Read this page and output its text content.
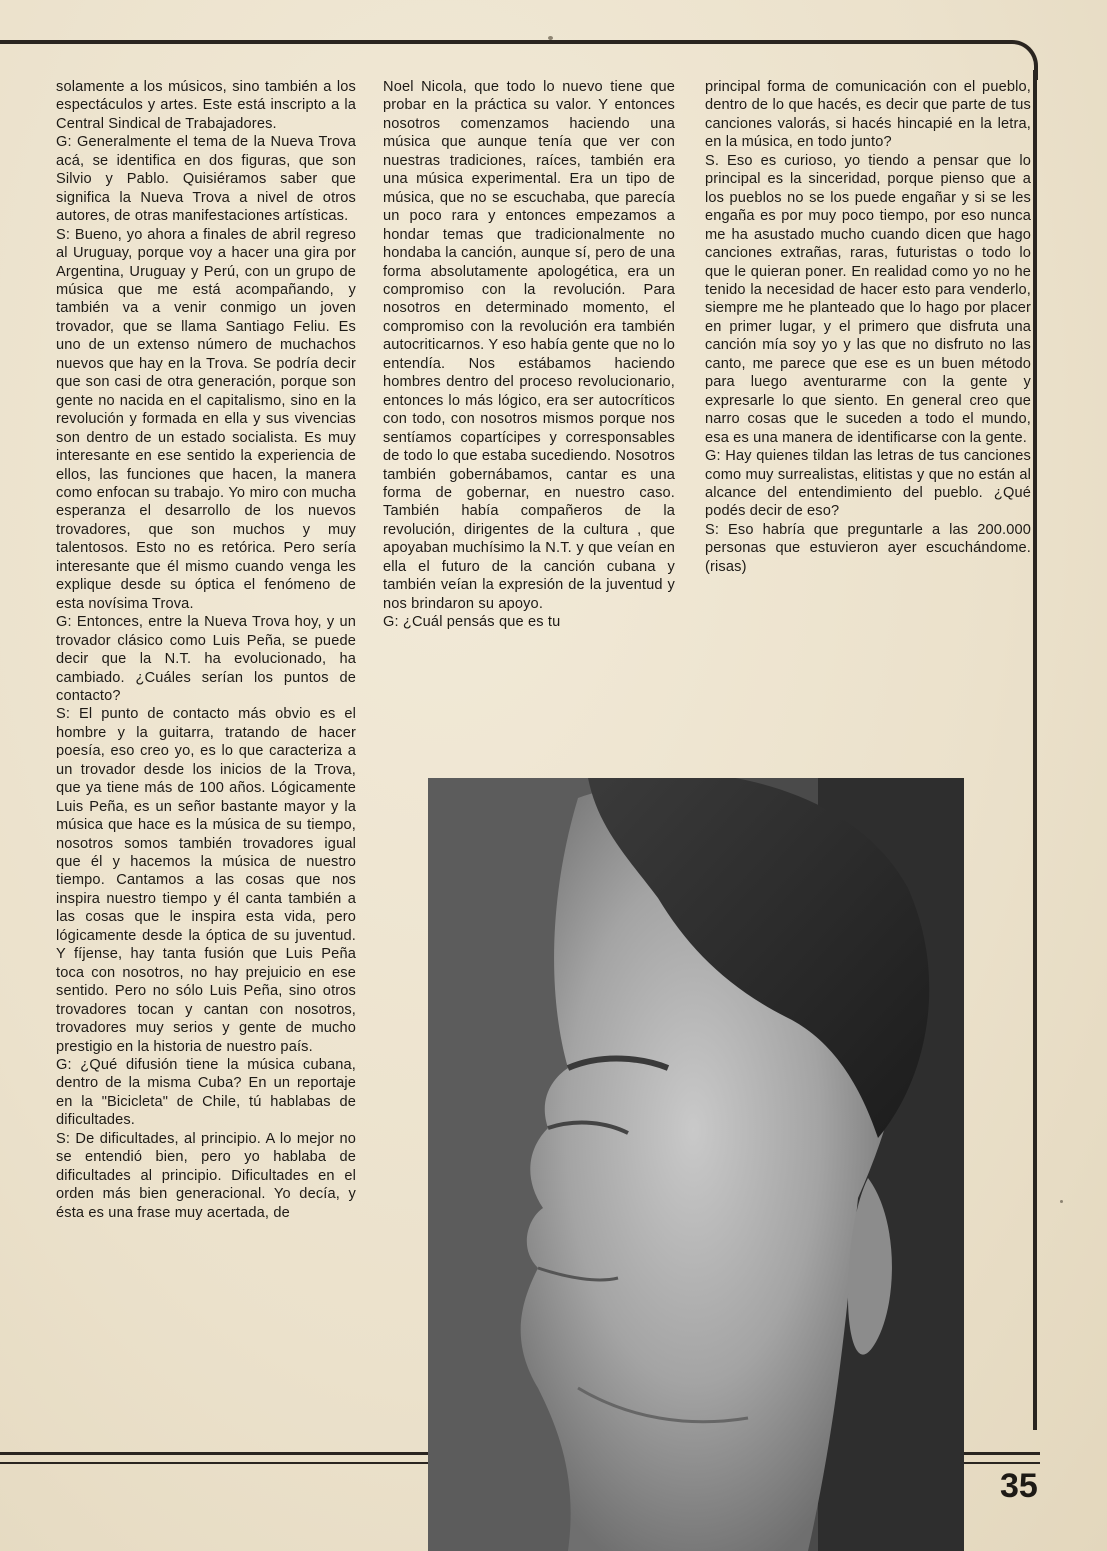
solamente a los músicos, sino también a los espectáculos y artes. Este está inscripto a la Central Sindical de Trabajadores.
G: Generalmente el tema de la Nueva Trova acá, se identifica en dos figuras, que son Silvio y Pablo. Quisiéramos saber que significa la Nueva Trova a nivel de otros autores, de otras manifestaciones artísticas.
S: Bueno, yo ahora a finales de abril regreso al Uruguay, porque voy a hacer una gira por Argentina, Uruguay y Perú, con un grupo de música que me está acompañando, y también va a venir conmigo un joven trovador, que se llama Santiago Feliu. Es uno de un extenso número de muchachos nuevos que hay en la Trova. Se podría decir que son casi de otra generación, porque son gente no nacida en el capitalismo, sino en la revolución y formada en ella y sus vivencias son dentro de un estado socialista. Es muy interesante en ese sentido la experiencia de ellos, las funciones que hacen, la manera como enfocan su trabajo. Yo miro con mucha esperanza el desarrollo de los nuevos trovadores, que son muchos y muy talentosos. Esto no es retórica. Pero sería interesante que él mismo cuando venga les explique desde su óptica el fenómeno de esta novísima Trova.
G: Entonces, entre la Nueva Trova hoy, y un trovador clásico como Luis Peña, se puede decir que la N.T. ha evolucionado, ha cambiado. ¿Cuáles serían los puntos de contacto?
S: El punto de contacto más obvio es el hombre y la guitarra, tratando de hacer poesía, eso creo yo, es lo que caracteriza a un trovador desde los inicios de la Trova, que ya tiene más de 100 años. Lógicamente Luis Peña, es un señor bastante mayor y la música que hace es la música de su tiempo, nosotros somos también trovadores igual que él y hacemos la música de nuestro tiempo. Cantamos a las cosas que nos inspira nuestro tiempo y él canta también a las cosas que le inspira esta vida, pero lógicamente desde la óptica de su juventud. Y fíjense, hay tanta fusión que Luis Peña toca con nosotros, no hay prejuicio en ese sentido. Pero no sólo Luis Peña, sino otros trovadores tocan y cantan con nosotros, trovadores muy serios y gente de mucho prestigio en la historia de nuestro país.
G: ¿Qué difusión tiene la música cubana, dentro de la misma Cuba? En un reportaje en la "Bicicleta" de Chile, tú hablabas de dificultades.
S: De dificultades, al principio. A lo mejor no se entendió bien, pero yo hablaba de dificultades al principio. Dificultades en el orden más bien generacional. Yo decía, y ésta es una frase muy acertada, de

Noel Nicola, que todo lo nuevo tiene que probar en la práctica su valor. Y entonces nosotros comenzamos haciendo una música que aunque tenía que ver con nuestras tradiciones, raíces, también era una música experimental. Era un tipo de música, que no se escuchaba, que parecía un poco rara y entonces empezamos a hondar temas que tradicionalmente no hondaba la canción, aunque sí, pero de una forma absolutamente apologética, era un compromiso con la revolución. Para nosotros en determinado momento, el compromiso con la revolución era también autocriticarnos. Y eso había gente que no lo entendía. Nos estábamos haciendo hombres dentro del proceso revolucionario, entonces lo más lógico, era ser autocríticos con todo, con nosotros mismos porque nos sentíamos copartícipes y corresponsables de todo lo que estaba sucediendo. Nosotros también gobernábamos, cantar es una forma de gobernar, en nuestro caso. También había compañeros de la revolución, dirigentes de la cultura , que apoyaban muchísimo la N.T. y que veían en ella el futuro de la canción cubana y también veían la expresión de la juventud y nos brindaron su apoyo.
G: ¿Cuál pensás que es tu

principal forma de comunicación con el pueblo, dentro de lo que hacés, es decir que parte de tus canciones valorás, si hacés hincapié en la letra, en la música, en todo junto?
S. Eso es curioso, yo tiendo a pensar que lo principal es la sinceridad, porque pienso que a los pueblos no se los puede engañar y si se les engaña es por muy poco tiempo, por eso nunca me ha asustado mucho cuando dicen que hago canciones extrañas, raras, futuristas o todo lo que le quieran poner. En realidad como yo no he tenido la necesidad de hacer esto para venderlo, siempre me he planteado que lo hago por placer en primer lugar, y el primero que disfruta una canción mía soy yo y las que no disfruto no las canto, me parece que ese es un buen método para luego aventurarme con la gente y expresarle lo que siento. En general creo que narro cosas que le suceden a todo el mundo, esa es una manera de identificarse con la gente.
G: Hay quienes tildan las letras de tus canciones como muy surrealistas, elitistas y que no están al alcance del entendimiento del pueblo. ¿Qué podés decir de eso?
S: Eso habría que preguntarle a las 200.000 personas que estuvieron ayer escuchándome. (risas)

35
